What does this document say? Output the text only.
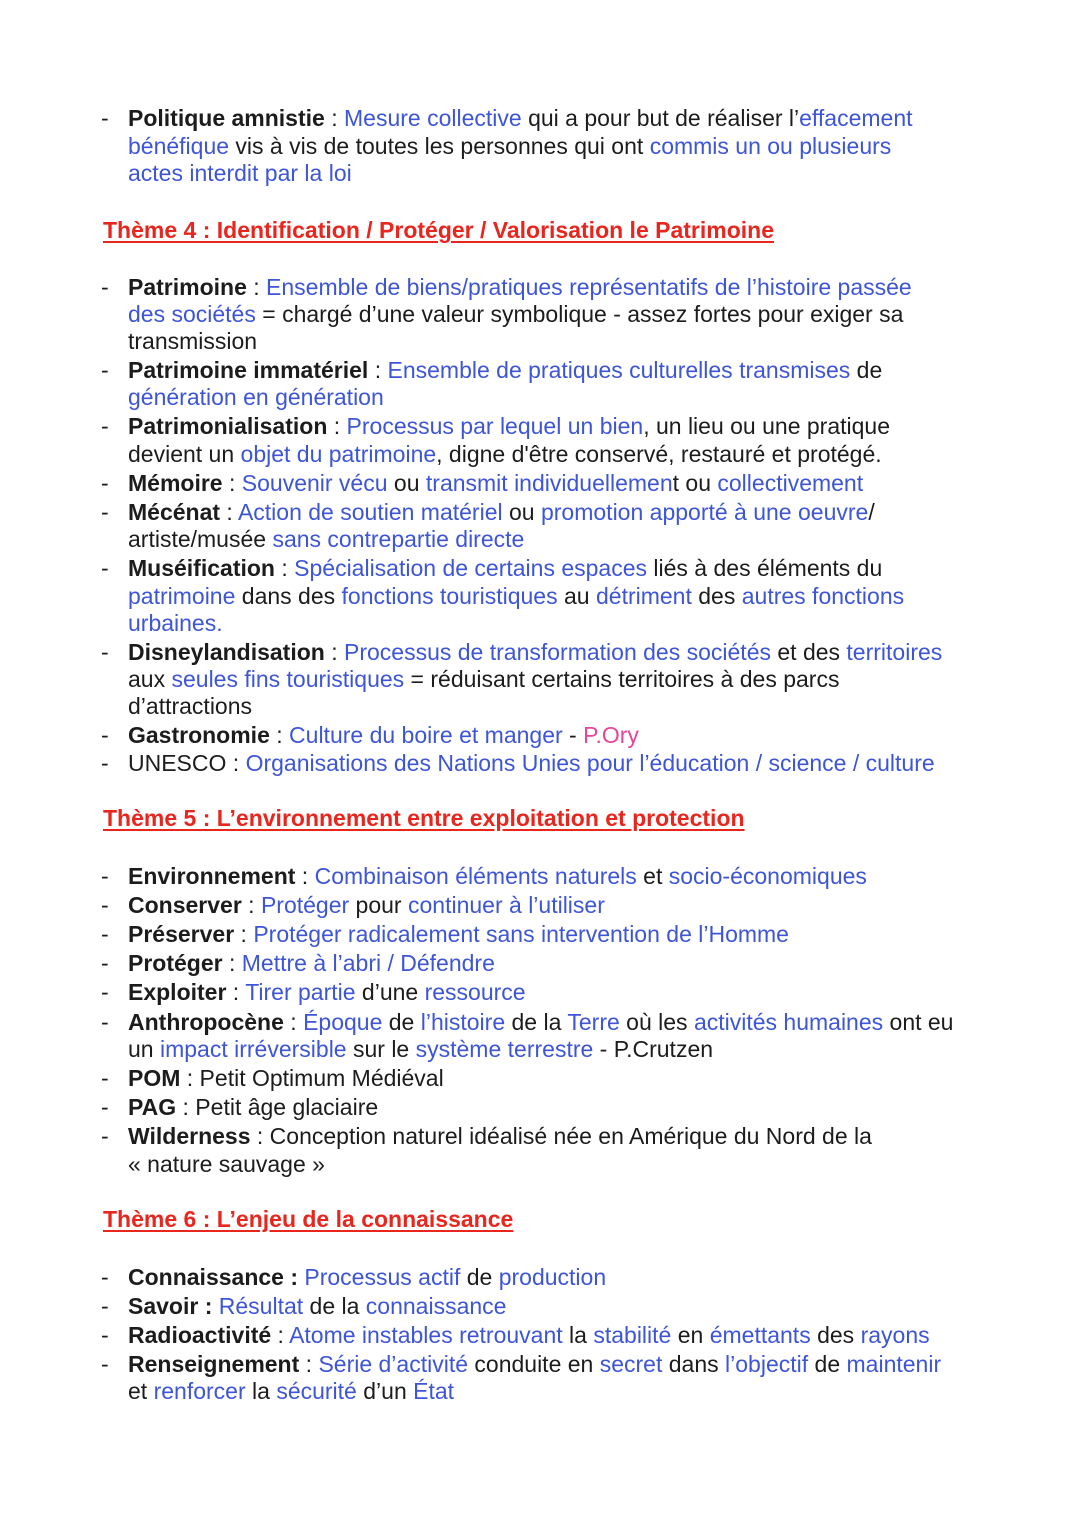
- Politique amnistie : Mesure collective qui a pour but de réaliser l’effacement
bénéfique vis à vis de toutes les personnes qui ont commis un ou plusieurs
actes interdit par la loi
Thème 4 : Identification / Protéger / Valorisation le Patrimoine
- Patrimoine : Ensemble de biens/pratiques représentatifs de l’histoire passée
des sociétés = chargé d’une valeur symbolique - assez fortes pour exiger sa
transmission
- Patrimoine immatériel : Ensemble de pratiques culturelles transmises de
génération en génération
- Patrimonialisation : Processus par lequel un bien, un lieu ou une pratique
devient un objet du patrimoine, digne d'être conservé, restauré et protégé.
- Mémoire : Souvenir vécu ou transmit individuellement ou collectivement
- Mécénat : Action de soutien matériel ou promotion apporté à une oeuvre/
artiste/musée sans contrepartie directe
- Muséification : Spécialisation de certains espaces liés à des éléments du
patrimoine dans des fonctions touristiques au détriment des autres fonctions
urbaines.
- Disneylandisation : Processus de transformation des sociétés et des territoires
aux seules fins touristiques = réduisant certains territoires à des parcs
d’attractions
- Gastronomie : Culture du boire et manger - P.Ory
- UNESCO : Organisations des Nations Unies pour l’éducation / science / culture
Thème 5 : L’environnement entre exploitation et protection
- Environnement : Combinaison éléments naturels et socio-économiques
- Conserver : Protéger pour continuer à l’utiliser
- Préserver : Protéger radicalement sans intervention de l’Homme
- Protéger : Mettre à l’abri / Défendre
- Exploiter : Tirer partie d’une ressource
- Anthropocène : Époque de l’histoire de la Terre où les activités humaines ont eu
un impact irréversible sur le système terrestre - P.Crutzen
- POM : Petit Optimum Médiéval
- PAG : Petit âge glaciaire
- Wilderness : Conception naturel idéalisé née en Amérique du Nord de la
« nature sauvage »
Thème 6 : L’enjeu de la connaissance
- Connaissance : Processus actif de production
- Savoir : Résultat de la connaissance
- Radioactivité : Atome instables retrouvant la stabilité en émettants des rayons
- Renseignement : Série d’activité conduite en secret dans l’objectif de maintenir
et renforcer la sécurité d’un État
